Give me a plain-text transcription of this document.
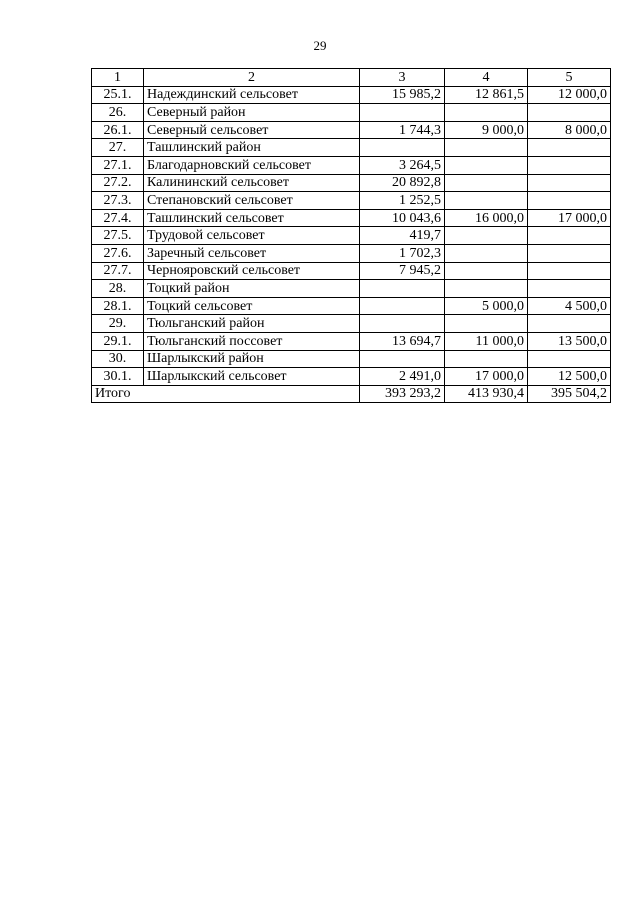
29
1	2	3	4	5
25.1.	Надеждинский сельсовет	15 985,2	12 861,5	12 000,0
26.	Северный район			
26.1.	Северный сельсовет	1 744,3	9 000,0	8 000,0
27.	Ташлинский район			
27.1.	Благодарновский сельсовет	3 264,5		
27.2.	Калининский сельсовет	20 892,8		
27.3.	Степановский сельсовет	1 252,5		
27.4.	Ташлинский сельсовет	10 043,6	16 000,0	17 000,0
27.5.	Трудовой сельсовет	419,7		
27.6.	Заречный сельсовет	1 702,3		
27.7.	Чернояровский сельсовет	7 945,2		
28.	Тоцкий район			
28.1.	Тоцкий сельсовет		5 000,0	4 500,0
29.	Тюльганский район			
29.1.	Тюльганский поссовет	13 694,7	11 000,0	13 500,0
30.	Шарлыкский район			
30.1.	Шарлыкский сельсовет	2 491,0	17 000,0	12 500,0
Итого		393 293,2	413 930,4	395 504,2
